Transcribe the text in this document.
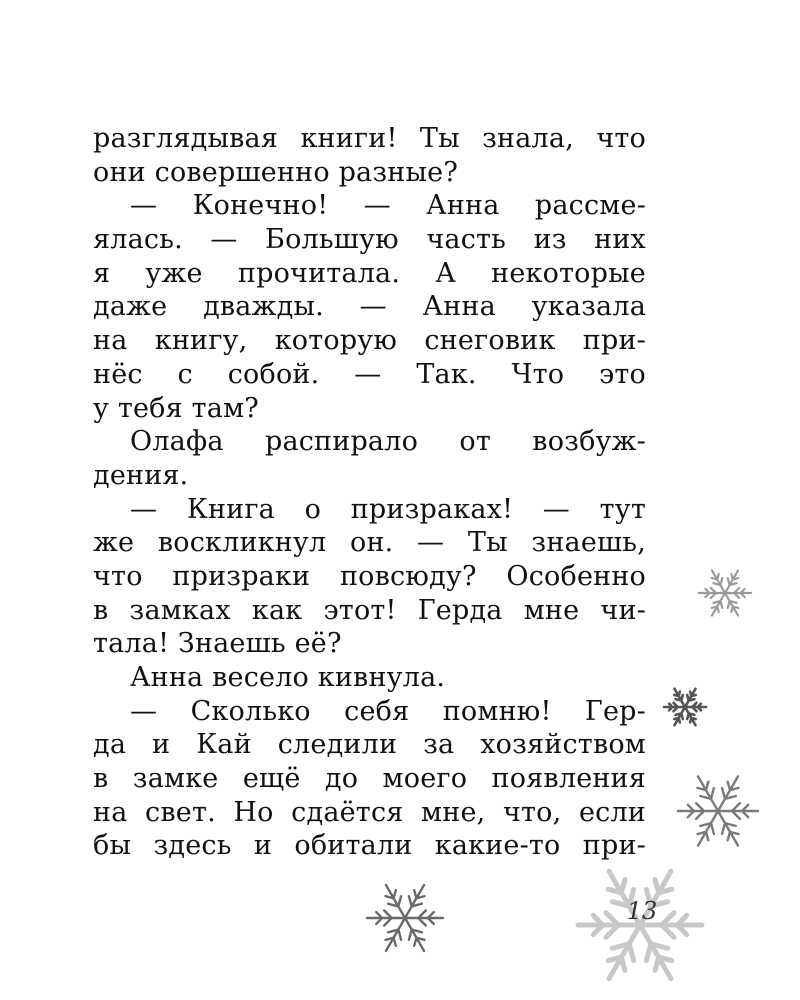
разглядывая книги! Ты знала, что
они совершенно разные?
— Конечно! — Анна рассме-
ялась. — Большую часть из них
я уже прочитала. А некоторые
даже дважды. — Анна указала
на книгу, которую снеговик при-
нёс с собой. — Так. Что это
у тебя там?
Олафа распирало от возбуж-
дения.
— Книга о призраках! — тут
же воскликнул он. — Ты знаешь,
что призраки повсюду? Особенно
в замках как этот! Герда мне чи-
тала! Знаешь её?
Анна весело кивнула.
— Сколько себя помню! Гер-
да и Кай следили за хозяйством
в замке ещё до моего появления
на свет. Но сдаётся мне, что, если
бы здесь и обитали какие-то при-
13
